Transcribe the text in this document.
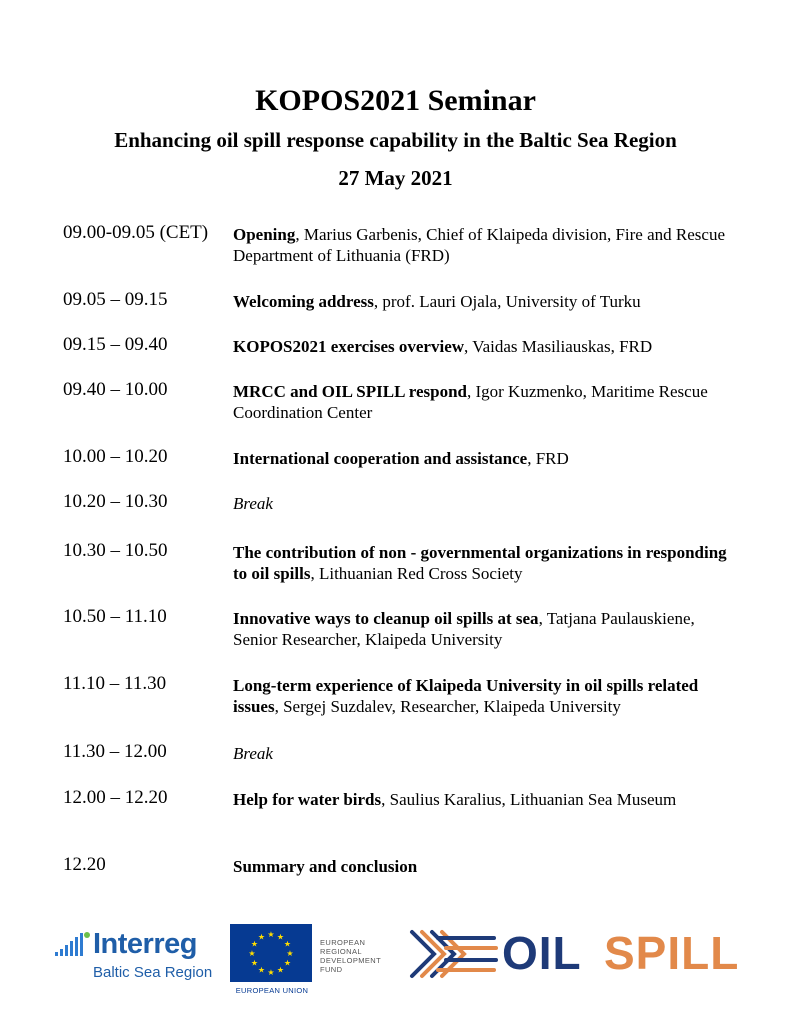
KOPOS2021 Seminar
Enhancing oil spill response capability in the Baltic Sea Region
27 May 2021
09.00-09.05 (CET) Opening, Marius Garbenis, Chief of Klaipeda division, Fire and Rescue Department of Lithuania (FRD)
09.05 – 09.15	Welcoming address, prof. Lauri Ojala, University of Turku
09.15 – 09.40	KOPOS2021 exercises overview, Vaidas Masiliauskas, FRD
09.40 – 10.00	MRCC and OIL SPILL respond, Igor Kuzmenko, Maritime Rescue Coordination Center
10.00 – 10.20	International cooperation and assistance, FRD
10.20 – 10.30	Break
10.30 – 10.50	The contribution of non - governmental organizations in responding to oil spills, Lithuanian Red Cross Society
10.50 – 11.10	Innovative ways to cleanup oil spills at sea, Tatjana Paulauskiene, Senior Researcher, Klaipeda University
11.10 – 11.30	Long-term experience of Klaipeda University in oil spills related issues, Sergej Suzdalev, Researcher, Klaipeda University
11.30 – 12.00	Break
12.00 – 12.20	Help for water birds, Saulius Karalius, Lithuanian Sea Museum
12.20	Summary and conclusion
Interreg
Baltic Sea Region
★ ★
★
★
★
★
★
★
★
★
★
★
EUROPEAN UNION
EUROPEAN REGIONAL DEVELOPMENT FUND	OIL SPILL
